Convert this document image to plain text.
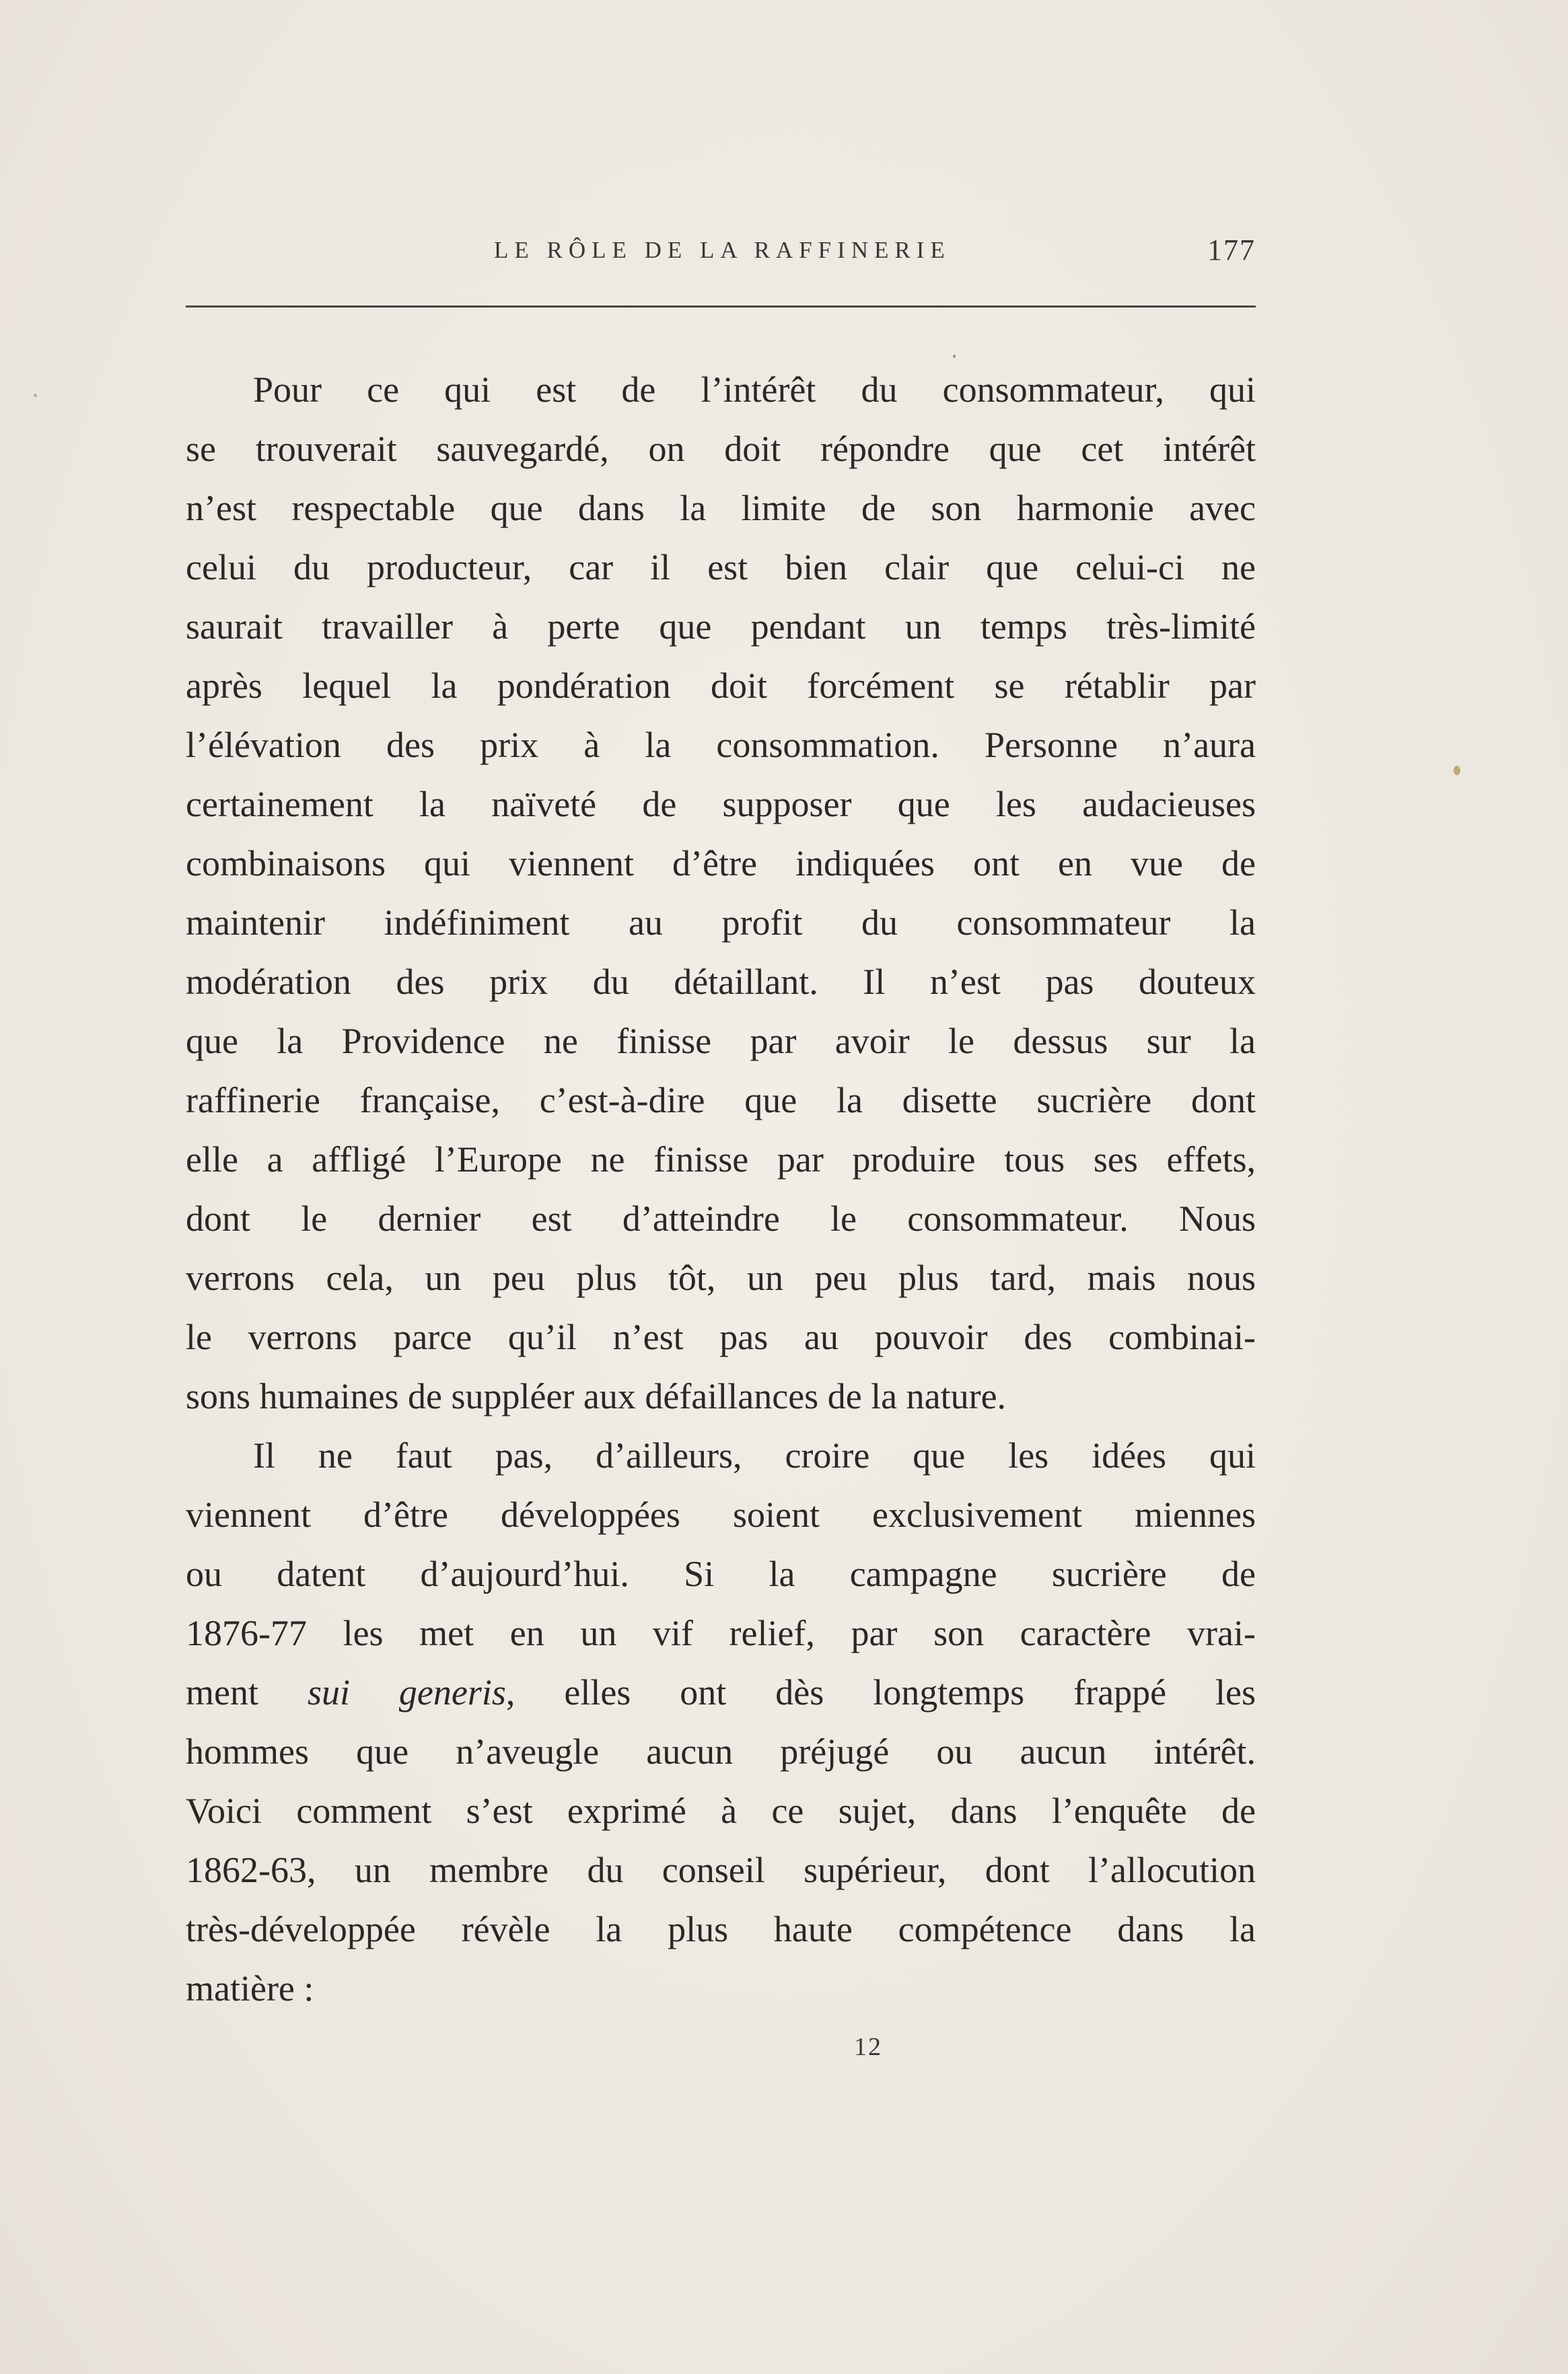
LE RÔLE DE LA RAFFINERIE	177
Pour ce qui est de l’intérêt du consommateur, qui
se trouverait sauvegardé, on doit répondre que cet intérêt
n’est respectable que dans la limite de son harmonie avec
celui du producteur, car il est bien clair que celui-ci ne
saurait travailler à perte que pendant un temps très-limité
après lequel la pondération doit forcément se rétablir par
l’élévation des prix à la consommation. Personne n’aura
certainement la naïveté de supposer que les audacieuses
combinaisons qui viennent d’être indiquées ont en vue de
maintenir indéfiniment au profit du consommateur la
modération des prix du détaillant. Il n’est pas douteux
que la Providence ne finisse par avoir le dessus sur la
raffinerie française, c’est-à-dire que la disette sucrière dont
elle a affligé l’Europe ne finisse par produire tous ses effets,
dont le dernier est d’atteindre le consommateur. Nous
verrons cela, un peu plus tôt, un peu plus tard, mais nous
le verrons parce qu’il n’est pas au pouvoir des combinai-
sons humaines de suppléer aux défaillances de la nature.
Il ne faut pas, d’ailleurs, croire que les idées qui
viennent d’être développées soient exclusivement miennes
ou datent d’aujourd’hui. Si la campagne sucrière de
1876-77 les met en un vif relief, par son caractère vrai-
ment sui generis, elles ont dès longtemps frappé les
hommes que n’aveugle aucun préjugé ou aucun intérêt.
Voici comment s’est exprimé à ce sujet, dans l’enquête de
1862-63, un membre du conseil supérieur, dont l’allocution
très-développée révèle la plus haute compétence dans la
matière :
12
